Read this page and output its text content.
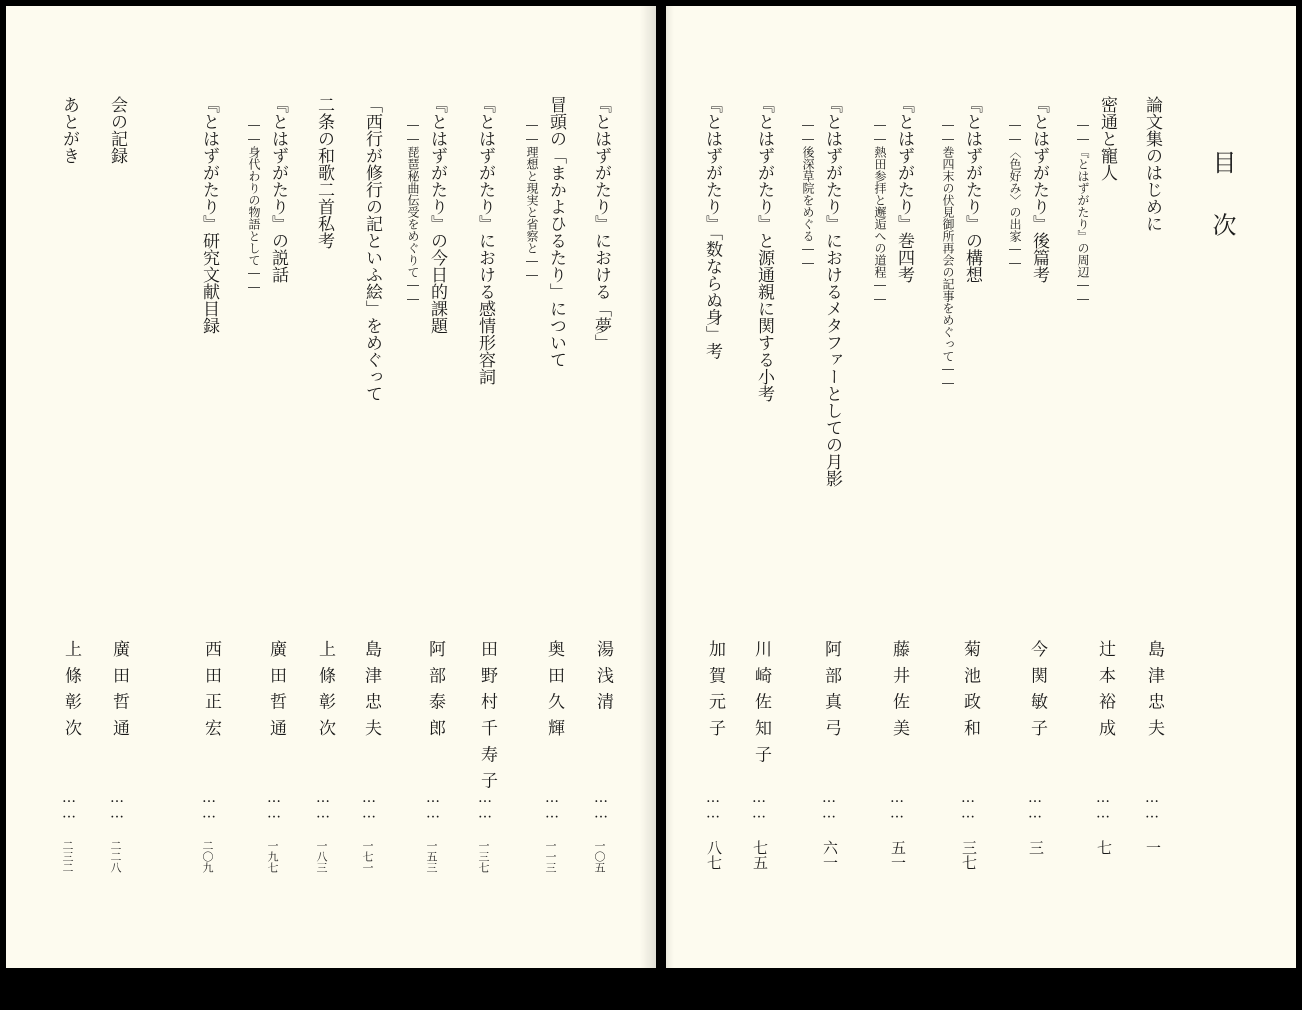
目次
論文集のはじめに
島津忠夫
……
一
密通と寵人
――『とはずがたり』の周辺――
辻本裕成
……
七
『とはずがたり』後篇考
――〈色好み〉の出家――
今関敏子
……
三
『とはずがたり』の構想
――巻四末の伏見御所再会の記事をめぐって――
菊池政和
……
三七
『とはずがたり』巻四考
――熱田参拝と邂逅への道程――
藤井佐美
……
五一
『とはずがたり』におけるメタファーとしての月影
――後深草院をめぐる――
阿部真弓
……
六一
『とはずがたり』と源通親に関する小考
川崎佐知子
……
七五
『とはずがたり』「数ならぬ身」考
加賀元子
……
八七
『とはずがたり』における「夢」
湯浅清
……
一〇五
冒頭の「まかよひるたり」について
――理想と現実と省察と――
奥田久輝
……
一一三
『とはずがたり』における感情形容詞
田野村千寿子
……
一三七
『とはずがたり』の今日的課題
――琵琶秘曲伝受をめぐりて――
阿部泰郎
……
一五三
「西行が修行の記といふ絵」をめぐって
島津忠夫
……
一七一
二条の和歌二首私考
上條彰次
……
一八三
『とはずがたり』の説話
――身代わりの物語として――
廣田哲通
……
一九七
『とはずがたり』研究文献目録
西田正宏
……
二〇九
会の記録
廣田哲通
……
二二八
あとがき
上條彰次
……
二三二
